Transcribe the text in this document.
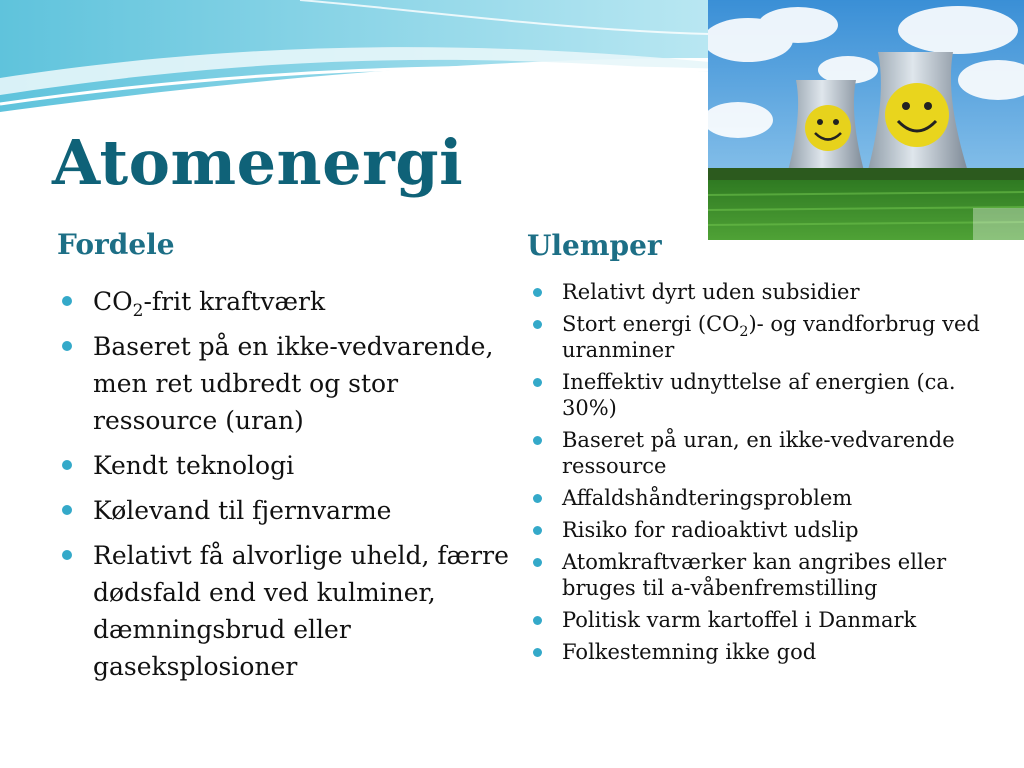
Atomenergi
Fordele	Ulemper
$CO_2$-frit kraftværk
Baseret på en ikke-vedvarende, men ret udbredt og stor ressource (uran)
Kendt teknologi
Kølevand til fjernvarme
Relativt få alvorlige uheld, færre dødsfald end ved kulminer, dæmningsbrud eller gaseksplosioner
Relativt dyrt uden subsidier
Stort energi $(CO_2)-$ og vandforbrug ved uranminer
Ineffektiv udnyttelse af energien (ca. 30%)
Baseret på uran, en ikke-vedvarende ressource
Affaldshåndteringsproblem
Risiko for radioaktivt udslip
Atomkraftværker kan angribes eller bruges til a-våbenfremstilling
Politisk varm kartoffel i Danmark
Folkestemning ikke god
